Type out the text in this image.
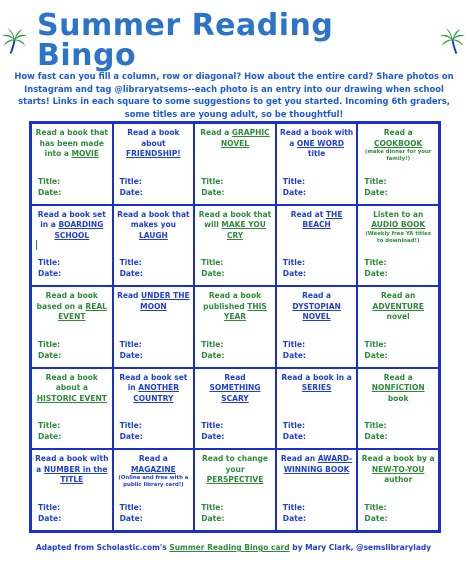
Summer Reading Bingo
How fast can you fill a column, row or diagonal? How about the entire card? Share photos on Instagram and tag @libraryatsems--each photo is an entry into our drawing when school starts! Links in each square to some suggestions to get you started. Incoming 6th graders, some titles are young adult, so be thoughtful!
Read a book that has been made into a MOVIE
Title:
Date:
Read a book about FRIENDSHIP!
Title:
Date:
Read a GRAPHIC NOVEL
Title:
Date:
Read a book with a ONE WORD title
Title:
Date:
Read a COOKBOOK
(make dinner for your family!)
Title:
Date:
Read a book set in a BOARDING SCHOOL
Title:
Date:
Read a book that makes you LAUGH
Title:
Date:
Read a book that will MAKE YOU CRY
Title:
Date:
Read at THE BEACH
Title:
Date:
Listen to an AUDIO BOOK
(Weekly free YA titles to download!)
Title:
Date:
Read a book based on a REAL EVENT
Title:
Date:
Read UNDER THE MOON
Title:
Date:
Read a book published THIS YEAR
Title:
Date:
Read a DYSTOPIAN NOVEL
Title:
Date:
Read an ADVENTURE novel
Title:
Date:
Read a book about a HISTORIC EVENT
Title:
Date:
Read a book set in ANOTHER COUNTRY
Title:
Date:
Read SOMETHING SCARY
Title:
Date:
Read a book in a SERIES
Title:
Date:
Read a NONFICTION book
Title:
Date:
Read a book with a NUMBER in the TITLE
Title:
Date:
Read a MAGAZINE
(Online and free with a public library card!)
Title:
Date:
Read to change your PERSPECTIVE
Title:
Date:
Read an AWARD-WINNING BOOK
Title:
Date:
Read a book by a NEW-TO-YOU author
Title:
Date:
Adapted from Scholastic.com's Summer Reading Bingo card by Mary Clark, @semslibrarylady
